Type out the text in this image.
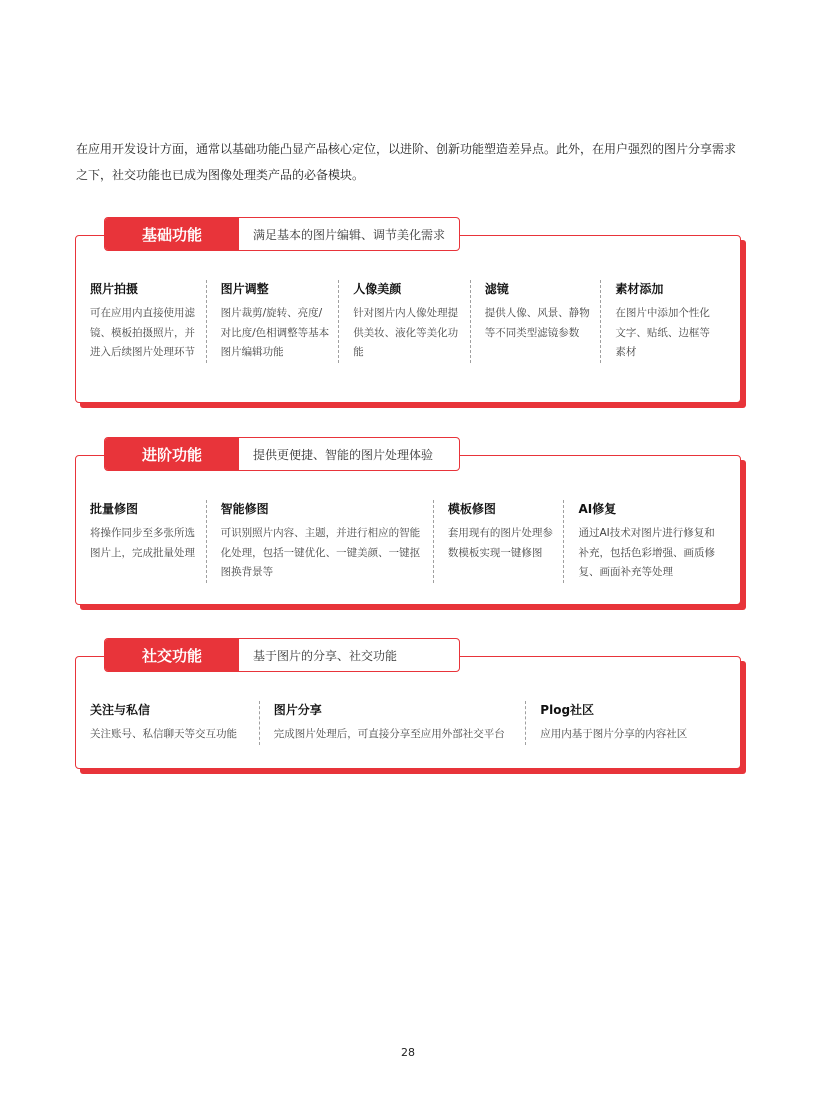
在应用开发设计方面，通常以基础功能凸显产品核心定位，以进阶、创新功能塑造差异点。此外，在用户强烈的图片分享需求之下，社交功能也已成为图像处理类产品的必备模块。

照片拍摄

可在应用内直接使用滤镜、模板拍摄照片，并进入后续图片处理环节

图片调整

图片裁剪/旋转、亮度/对比度/色相调整等基本图片编辑功能

人像美颜

针对图片内人像处理提供美妆、液化等美化功能

滤镜

提供人像、风景、静物等不同类型滤镜参数

素材添加

在图片中添加个性化文字、贴纸、边框等素材

基础功能	满足基本的图片编辑、调节美化需求
批量修图

将操作同步至多张所选图片上，完成批量处理

智能修图

可识别照片内容、主题，并进行相应的智能化处理，包括一键优化、一键美颜、一键抠图换背景等

模板修图

套用现有的图片处理参数模板实现一键修图

AI修复

通过AI技术对图片进行修复和补充，包括色彩增强、画质修复、画面补充等处理

进阶功能	提供更便捷、智能的图片处理体验
关注与私信

关注账号、私信聊天等交互功能

图片分享

完成图片处理后，可直接分享至应用外部社交平台

Plog社区

应用内基于图片分享的内容社区

社交功能	基于图片的分享、社交功能
28
